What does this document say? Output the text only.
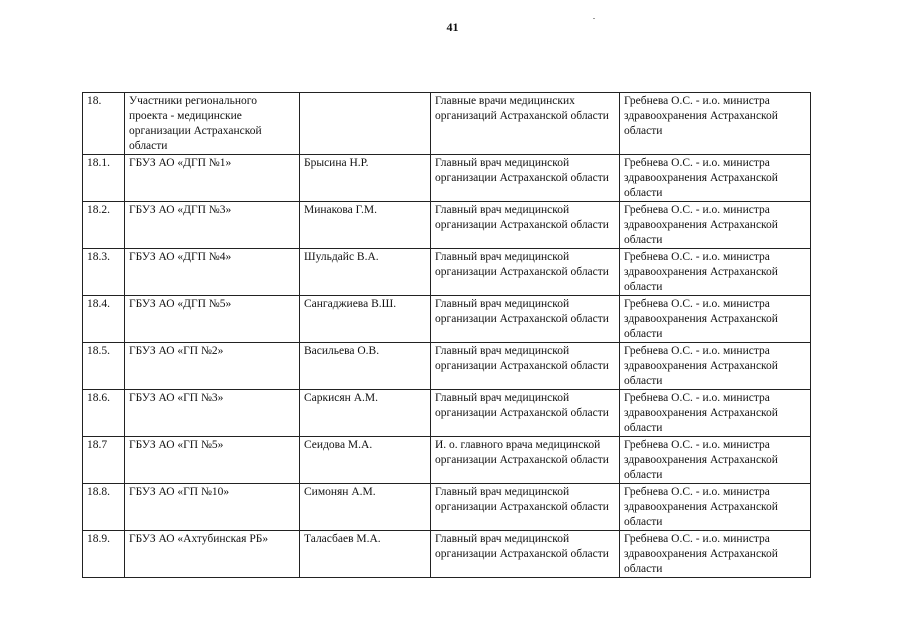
41
18.	Участники регионального проекта - медицинские организации Астраханской области		Главные врачи медицинских организаций Астраханской области	Гребнева О.С. - и.о. министра здравоохранения Астраханской области
18.1.	ГБУЗ АО «ДГП №1»	Брысина Н.Р.	Главный врач медицинской организации Астраханской области	Гребнева О.С. - и.о. министра здравоохранения Астраханской области
18.2.	ГБУЗ АО «ДГП №3»	Минакова Г.М.	Главный врач медицинской организации Астраханской области	Гребнева О.С. - и.о. министра здравоохранения Астраханской области
18.3.	ГБУЗ АО «ДГП №4»	Шульдайс В.А.	Главный врач медицинской организации Астраханской области	Гребнева О.С. - и.о. министра здравоохранения Астраханской области
18.4.	ГБУЗ АО «ДГП №5»	Сангаджиева В.Ш.	Главный врач медицинской организации Астраханской области	Гребнева О.С. - и.о. министра здравоохранения Астраханской области
18.5.	ГБУЗ АО «ГП №2»	Васильева О.В.	Главный врач медицинской организации Астраханской области	Гребнева О.С. - и.о. министра здравоохранения Астраханской области
18.6.	ГБУЗ АО «ГП №3»	Саркисян А.М.	Главный врач медицинской организации Астраханской области	Гребнева О.С. - и.о. министра здравоохранения Астраханской области
18.7	ГБУЗ АО «ГП №5»	Сеидова М.А.	И. о. главного врача медицинской организации Астраханской области	Гребнева О.С. - и.о. министра здравоохранения Астраханской области
18.8.	ГБУЗ АО «ГП №10»	Симонян А.М.	Главный врач медицинской организации Астраханской области	Гребнева О.С. - и.о. министра здравоохранения Астраханской области
18.9.	ГБУЗ АО «Ахтубинская РБ»	Таласбаев М.А.	Главный врач медицинской организации Астраханской области	Гребнева О.С. - и.о. министра здравоохранения Астраханской области
